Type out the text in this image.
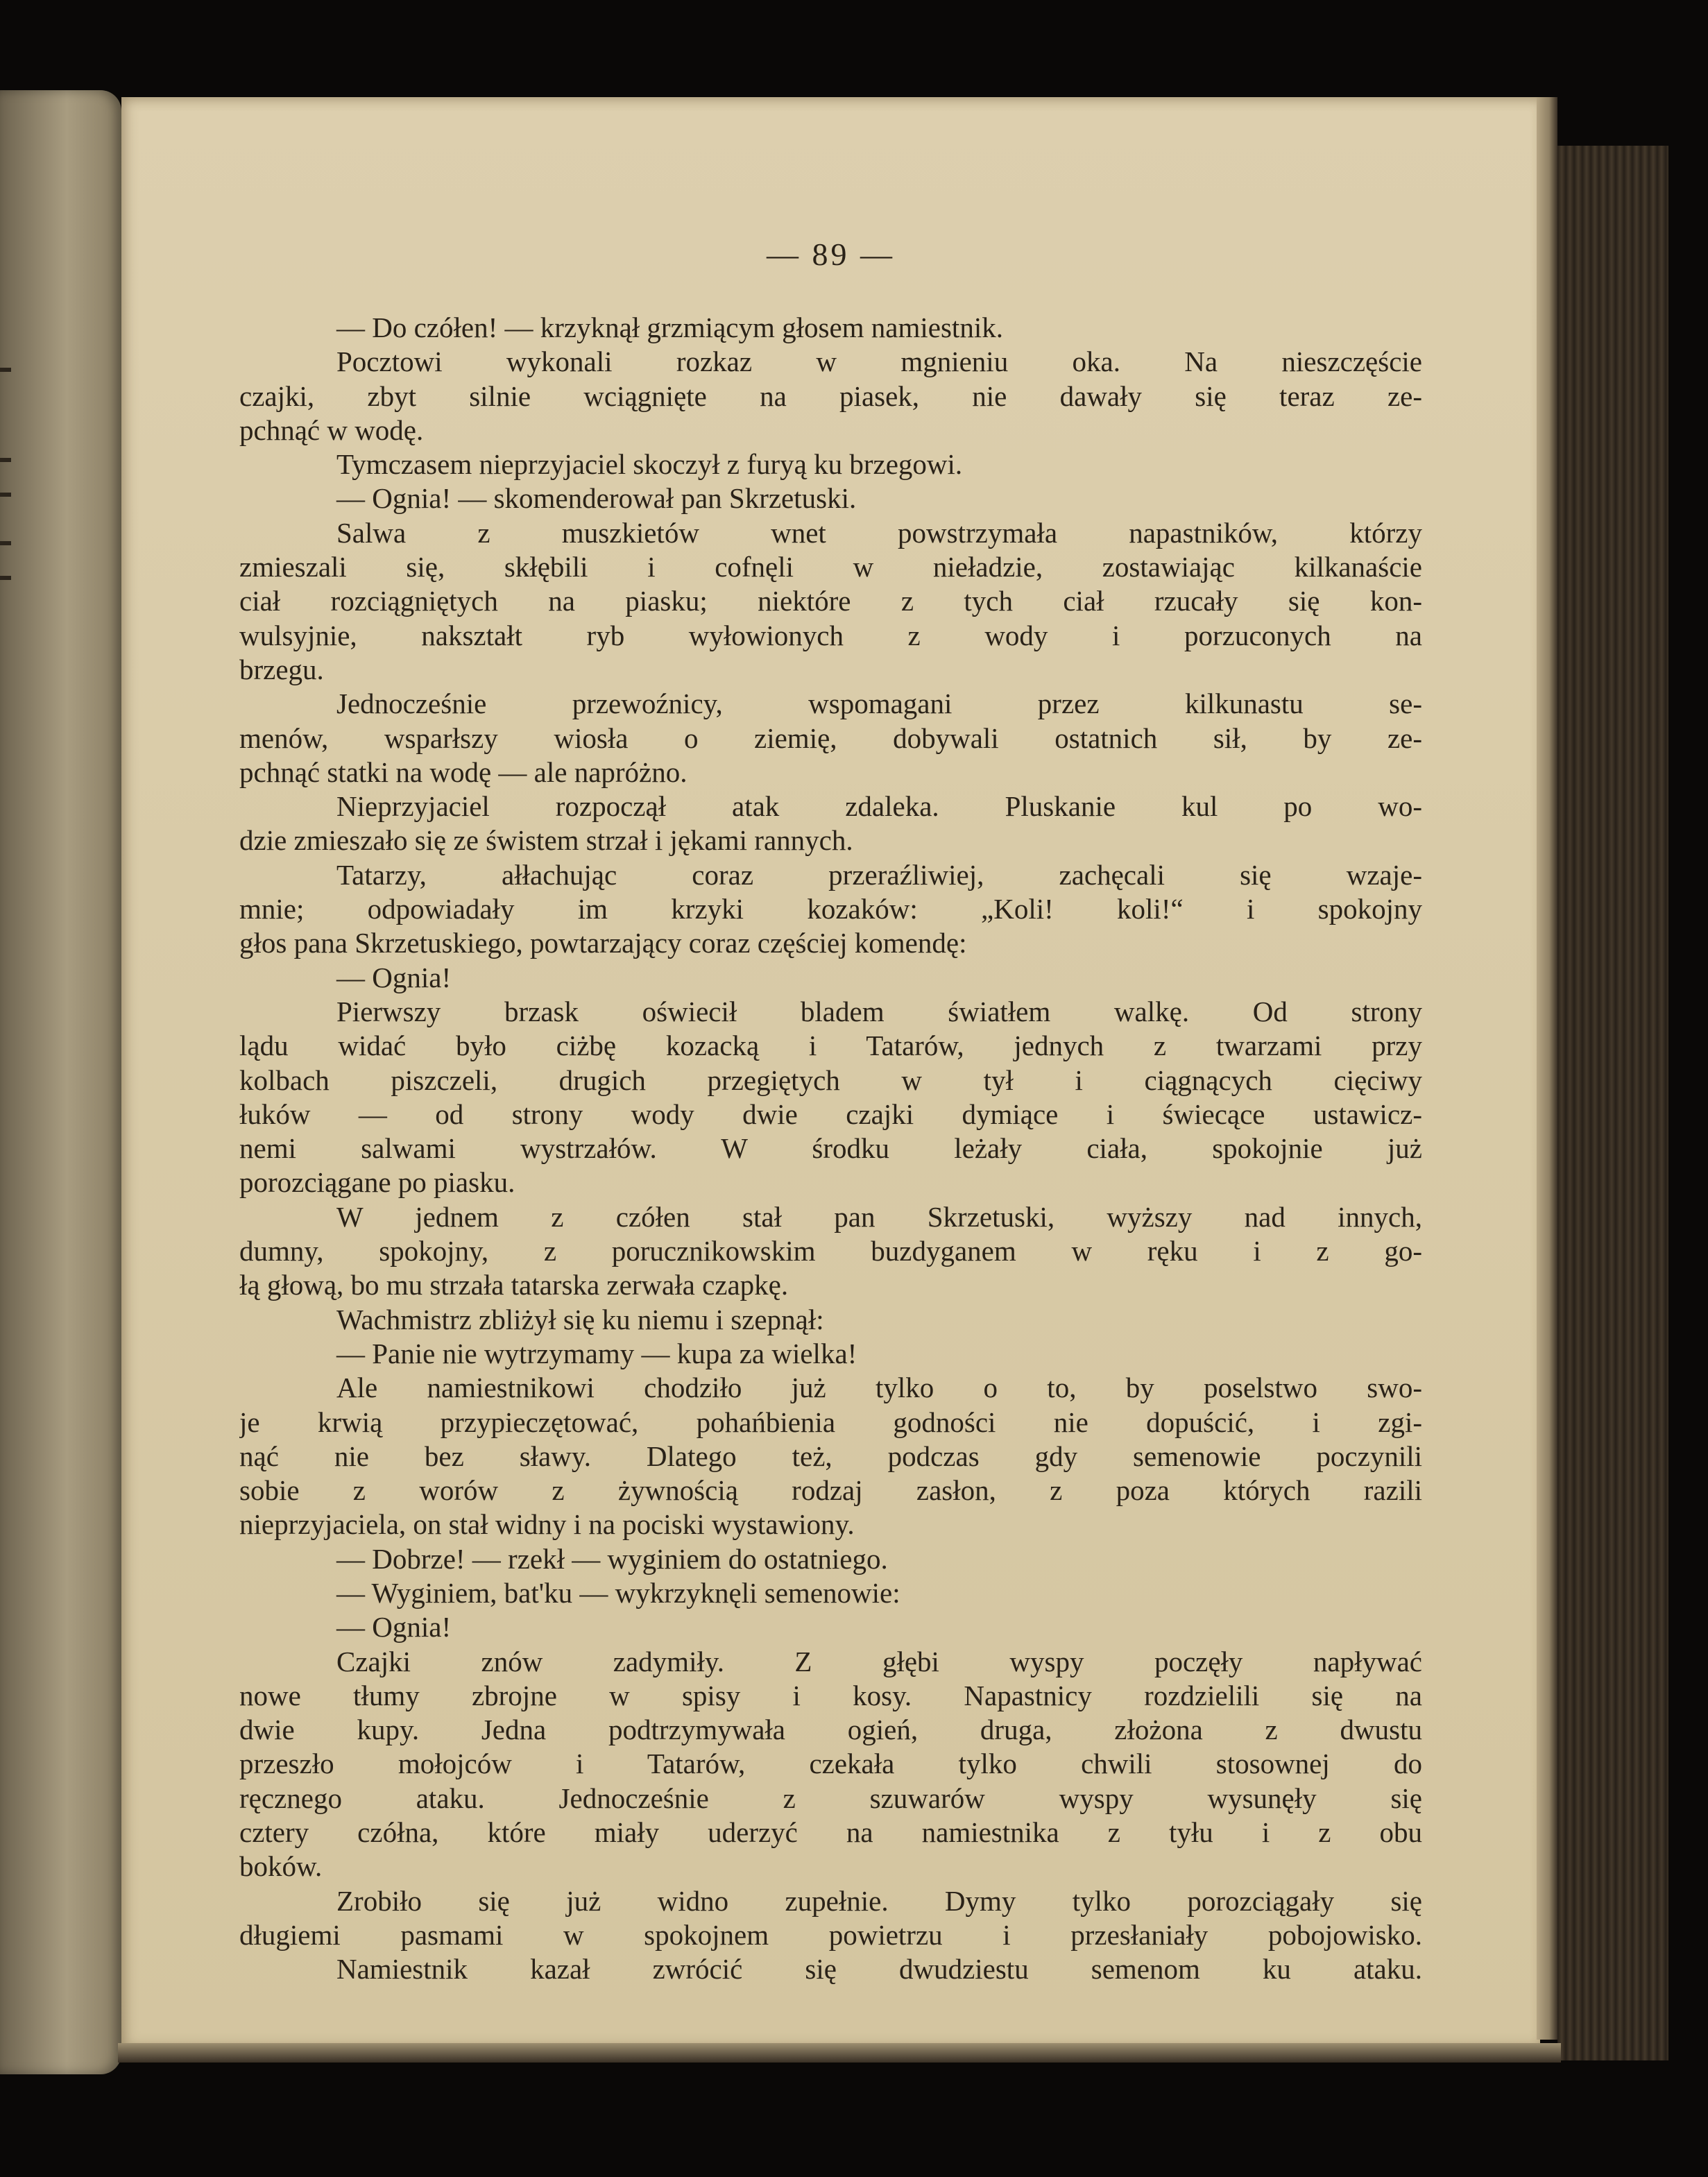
— 89 —
— Do czółen! — krzyknął grzmiącym głosem namiestnik.
Pocztowi wykonali rozkaz w mgnieniu oka. Na nieszczęście
czajki, zbyt silnie wciągnięte na piasek, nie dawały się teraz ze-
pchnąć w wodę.
Tymczasem nieprzyjaciel skoczył z furyą ku brzegowi.
— Ognia! — skomenderował pan Skrzetuski.
Salwa z muszkietów wnet powstrzymała napastników, którzy
zmieszali się, skłębili i cofnęli w nieładzie, zostawiając kilkanaście
ciał rozciągniętych na piasku; niektóre z tych ciał rzucały się kon-
wulsyjnie, nakształt ryb wyłowionych z wody i porzuconych na
brzegu.
Jednocześnie przewoźnicy, wspomagani przez kilkunastu se-
menów, wsparłszy wiosła o ziemię, dobywali ostatnich sił, by ze-
pchnąć statki na wodę — ale napróżno.
Nieprzyjaciel rozpoczął atak zdaleka. Pluskanie kul po wo-
dzie zmieszało się ze świstem strzał i jękami rannych.
Tatarzy, ałłachując coraz przeraźliwiej, zachęcali się wzaje-
mnie; odpowiadały im krzyki kozaków: „Koli! koli!“ i spokojny
głos pana Skrzetuskiego, powtarzający coraz częściej komendę:
— Ognia!
Pierwszy brzask oświecił bladem światłem walkę. Od strony
lądu widać było ciżbę kozacką i Tatarów, jednych z twarzami przy
kolbach piszczeli, drugich przegiętych w tył i ciągnących cięciwy
łuków — od strony wody dwie czajki dymiące i świecące ustawicz-
nemi salwami wystrzałów. W środku leżały ciała, spokojnie już
porozciągane po piasku.
W jednem z czółen stał pan Skrzetuski, wyższy nad innych,
dumny, spokojny, z porucznikowskim buzdyganem w ręku i z go-
łą głową, bo mu strzała tatarska zerwała czapkę.
Wachmistrz zbliżył się ku niemu i szepnął:
— Panie nie wytrzymamy — kupa za wielka!
Ale namiestnikowi chodziło już tylko o to, by poselstwo swo-
je krwią przypieczętować, pohańbienia godności nie dopuścić, i zgi-
nąć nie bez sławy. Dlatego też, podczas gdy semenowie poczynili
sobie z worów z żywnością rodzaj zasłon, z poza których razili
nieprzyjaciela, on stał widny i na pociski wystawiony.
— Dobrze! — rzekł — wyginiem do ostatniego.
— Wyginiem, bat'ku — wykrzyknęli semenowie:
— Ognia!
Czajki znów zadymiły. Z głębi wyspy poczęły napływać
nowe tłumy zbrojne w spisy i kosy. Napastnicy rozdzielili się na
dwie kupy. Jedna podtrzymywała ogień, druga, złożona z dwustu
przeszło mołojców i Tatarów, czekała tylko chwili stosownej do
ręcznego ataku. Jednocześnie z szuwarów wyspy wysunęły się
cztery czółna, które miały uderzyć na namiestnika z tyłu i z obu
boków.
Zrobiło się już widno zupełnie. Dymy tylko porozciągały się
długiemi pasmami w spokojnem powietrzu i przesłaniały pobojowisko.
Namiestnik kazał zwrócić się dwudziestu semenom ku ataku.
